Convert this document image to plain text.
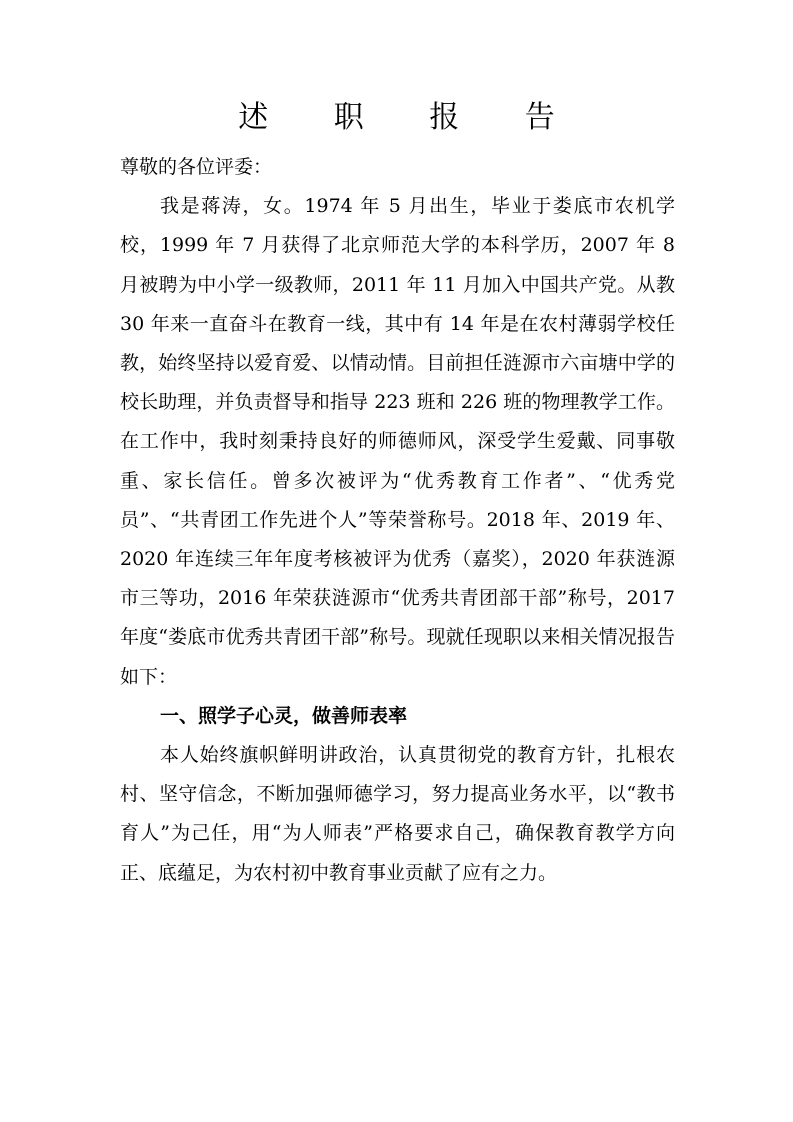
述 职 报 告

尊敬的各位评委：

我是蒋涛，女。1974 年 5 月出生，毕业于娄底市农机学校，1999 年 7 月获得了北京师范大学的本科学历，2007 年 8 月被聘为中小学一级教师，2011 年 11 月加入中国共产党。从教 30 年来一直奋斗在教育一线，其中有 14 年是在农村薄弱学校任教，始终坚持以爱育爱、以情动情。目前担任涟源市六亩塘中学的校长助理，并负责督导和指导 223 班和 226 班的物理教学工作。在工作中，我时刻秉持良好的师德师风，深受学生爱戴、同事敬重、家长信任。曾多次被评为“优秀教育工作者”、“优秀党员”、“共青团工作先进个人”等荣誉称号。2018 年、2019 年、2020 年连续三年年度考核被评为优秀（嘉奖），2020 年获涟源市三等功，2016 年荣获涟源市“优秀共青团部干部”称号，2017 年度“娄底市优秀共青团干部”称号。现就任现职以来相关情况报告如下：

一、照学子心灵，做善师表率

本人始终旗帜鲜明讲政治，认真贯彻党的教育方针，扎根农村、坚守信念，不断加强师德学习，努力提高业务水平，以“教书育人”为己任，用“为人师表”严格要求自己，确保教育教学方向正、底蕴足，为农村初中教育事业贡献了应有之力。
